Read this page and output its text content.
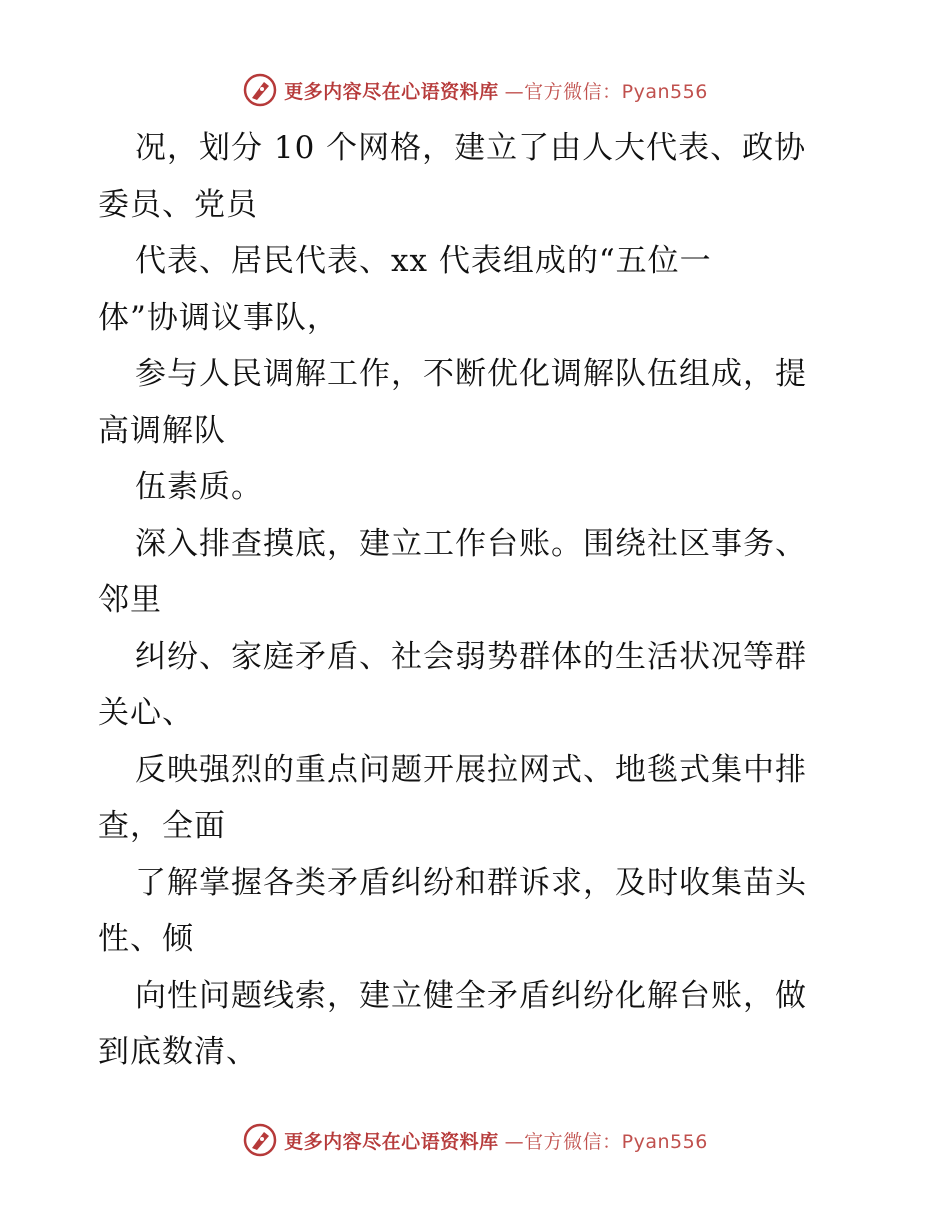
更多内容尽在心语资料库 —官方微信：Pyan556

况，划分 10 个网格，建立了由人大代表、政协
委员、党员

代表、居民代表、xx 代表组成的“五位一
体”协调议事队，

参与人民调解工作，不断优化调解队伍组成，提
高调解队

伍素质。

深入排查摸底，建立工作台账。围绕社区事务、
邻里

纠纷、家庭矛盾、社会弱势群体的生活状况等群
关心、

反映强烈的重点问题开展拉网式、地毯式集中排
查，全面

了解掌握各类矛盾纠纷和群诉求，及时收集苗头
性、倾

向性问题线索，建立健全矛盾纠纷化解台账，做
到底数清、

更多内容尽在心语资料库 —官方微信：Pyan556
